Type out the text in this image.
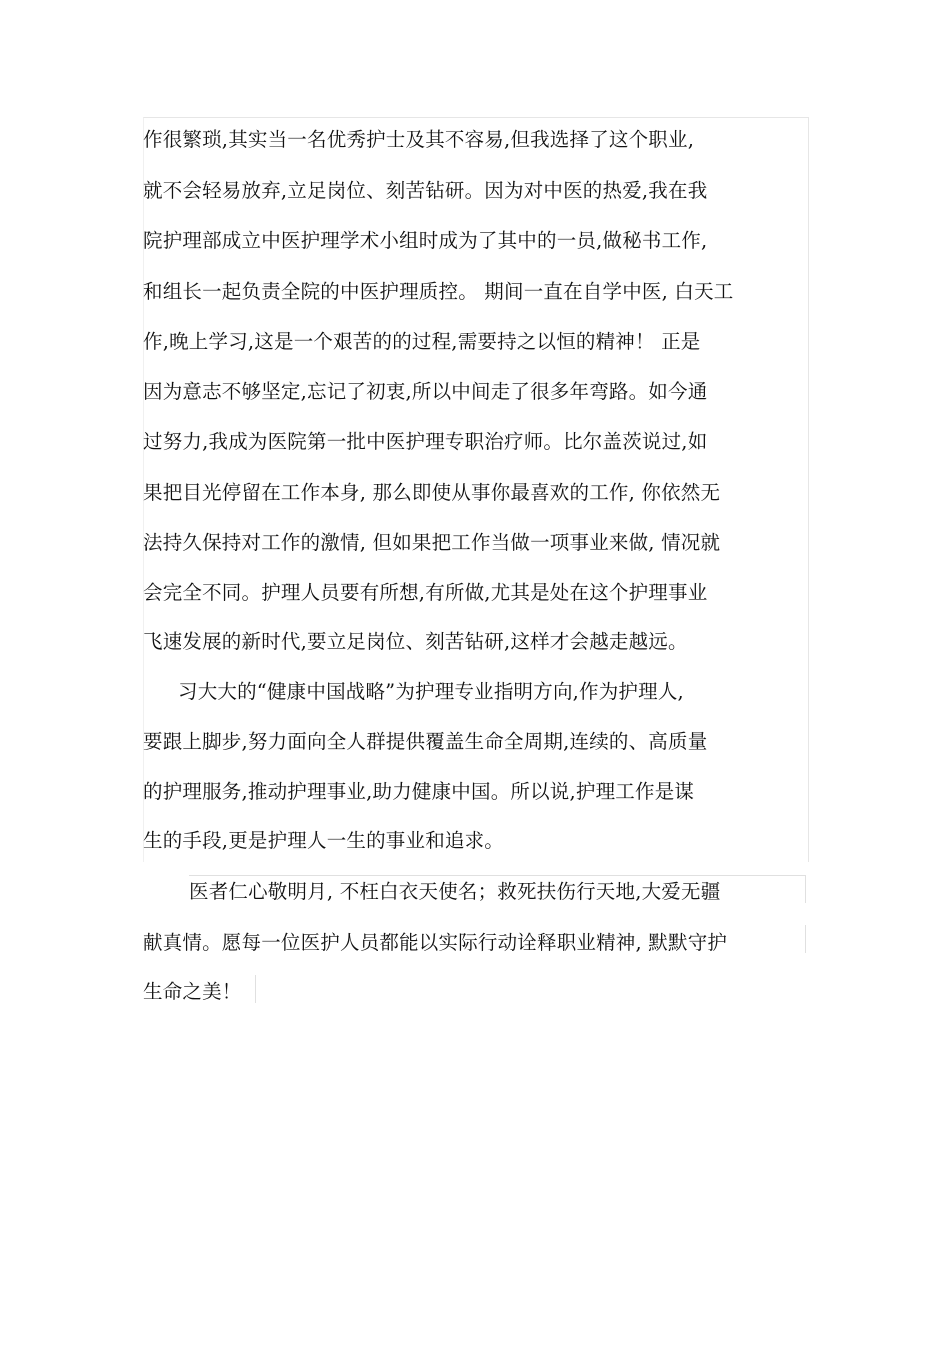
作很繁琐,其实当一名优秀护士及其不容易,但我选择了这个职业,
就不会轻易放弃,立足岗位、刻苦钻研。因为对中医的热爱,我在我
院护理部成立中医护理学术小组时成为了其中的一员,做秘书工作,
和组长一起负责全院的中医护理质控。 期间一直在自学中医, 白天工
作,晚上学习,这是一个艰苦的的过程,需要持之以恒的精神！ 正是
因为意志不够坚定,忘记了初衷,所以中间走了很多年弯路。如今通
过努力,我成为医院第一批中医护理专职治疗师。比尔盖茨说过,如
果把目光停留在工作本身, 那么即使从事你最喜欢的工作, 你依然无
法持久保持对工作的激情, 但如果把工作当做一项事业来做, 情况就
会完全不同。护理人员要有所想,有所做,尤其是处在这个护理事业
飞速发展的新时代,要立足岗位、刻苦钻研,这样才会越走越远。
习大大的“健康中国战略”为护理专业指明方向,作为护理人,
要跟上脚步,努力面向全人群提供覆盖生命全周期,连续的、高质量
的护理服务,推动护理事业,助力健康中国。所以说,护理工作是谋
生的手段,更是护理人一生的事业和追求。
医者仁心敬明月, 不枉白衣天使名；救死扶伤行天地,大爱无疆
献真情。愿每一位医护人员都能以实际行动诠释职业精神, 默默守护
生命之美！
